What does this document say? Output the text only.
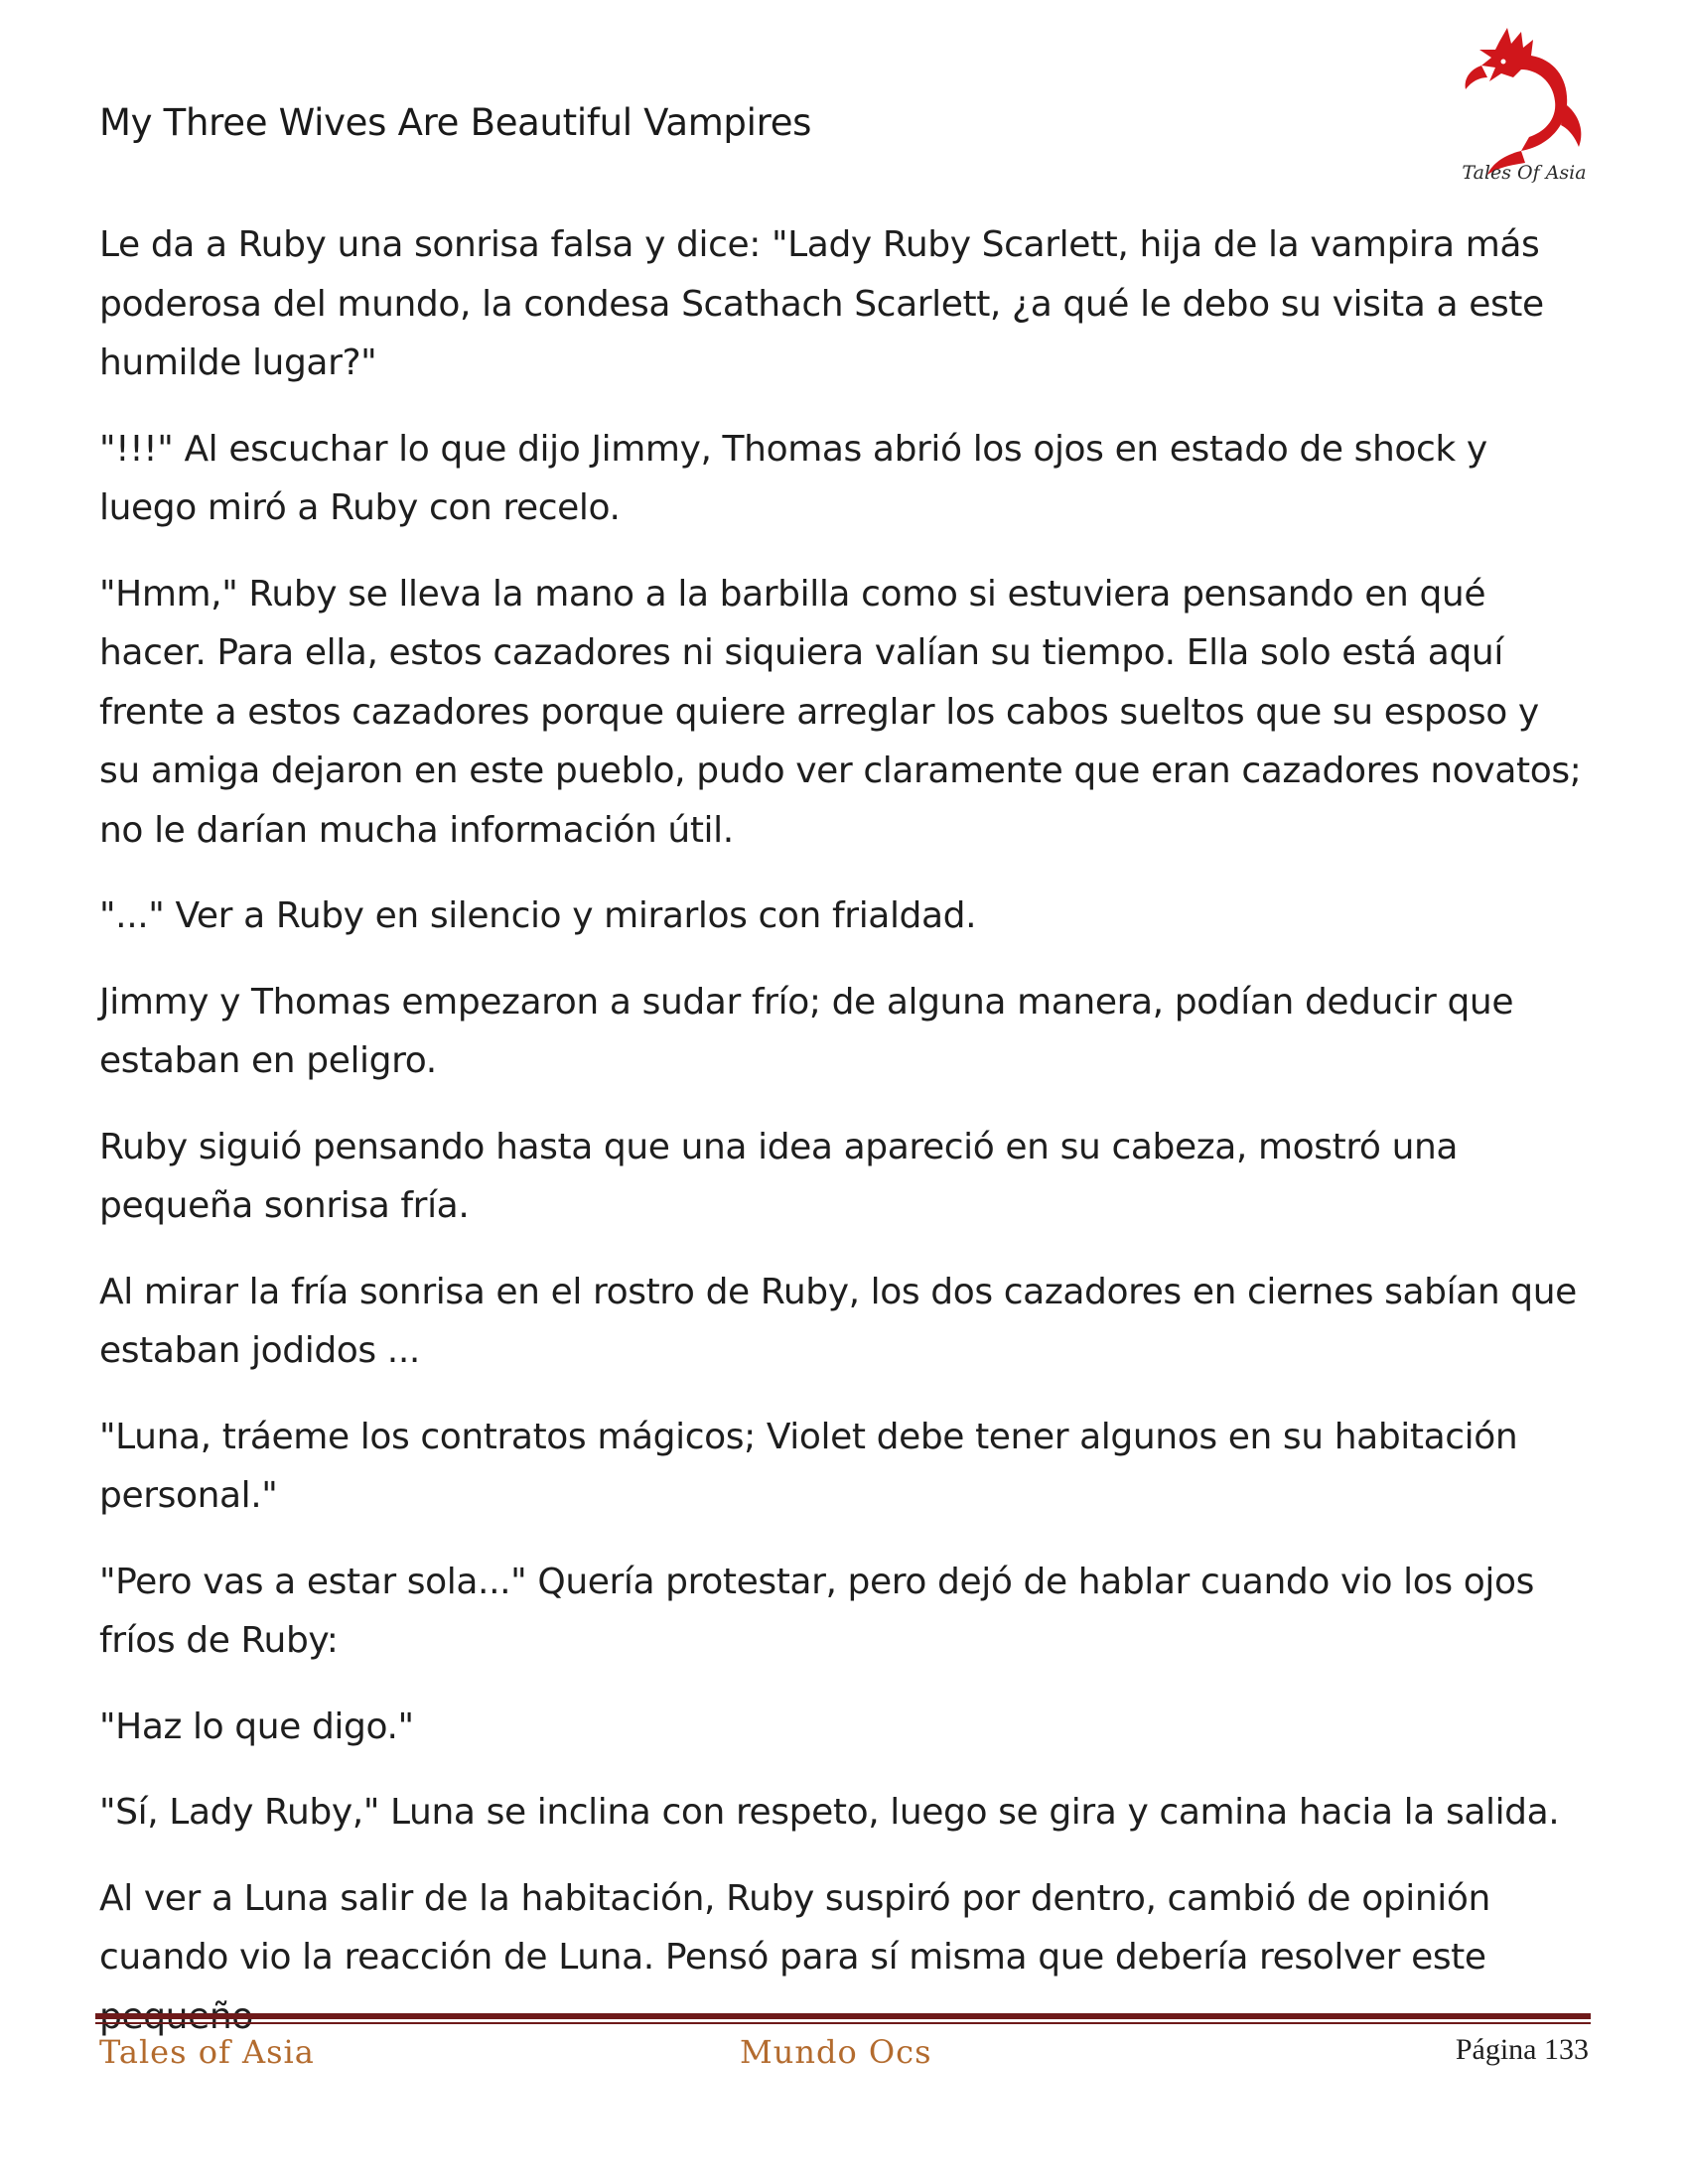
My Three Wives Are Beautiful Vampires
Tales Of Asia

Le da a Ruby una sonrisa falsa y dice: "Lady Ruby Scarlett, hija de la vampira más poderosa del mundo, la condesa Scathach Scarlett, ¿a qué le debo su visita a este humilde lugar?"

"!!!" Al escuchar lo que dijo Jimmy, Thomas abrió los ojos en estado de shock y luego miró a Ruby con recelo.

"Hmm," Ruby se lleva la mano a la barbilla como si estuviera pensando en qué hacer. Para ella, estos cazadores ni siquiera valían su tiempo. Ella solo está aquí frente a estos cazadores porque quiere arreglar los cabos sueltos que su esposo y su amiga dejaron en este pueblo, pudo ver claramente que eran cazadores novatos; no le darían mucha información útil.

"..." Ver a Ruby en silencio y mirarlos con frialdad.

Jimmy y Thomas empezaron a sudar frío; de alguna manera, podían deducir que estaban en peligro.

Ruby siguió pensando hasta que una idea apareció en su cabeza, mostró una pequeña sonrisa fría.

Al mirar la fría sonrisa en el rostro de Ruby, los dos cazadores en ciernes sabían que estaban jodidos ...

"Luna, tráeme los contratos mágicos; Violet debe tener algunos en su habitación personal."

"Pero vas a estar sola..." Quería protestar, pero dejó de hablar cuando vio los ojos fríos de Ruby:

"Haz lo que digo."

"Sí, Lady Ruby," Luna se inclina con respeto, luego se gira y camina hacia la salida.

Al ver a Luna salir de la habitación, Ruby suspiró por dentro, cambió de opinión cuando vio la reacción de Luna. Pensó para sí misma que debería resolver este

Tales of Asia	Mundo Ocs	Página 133
